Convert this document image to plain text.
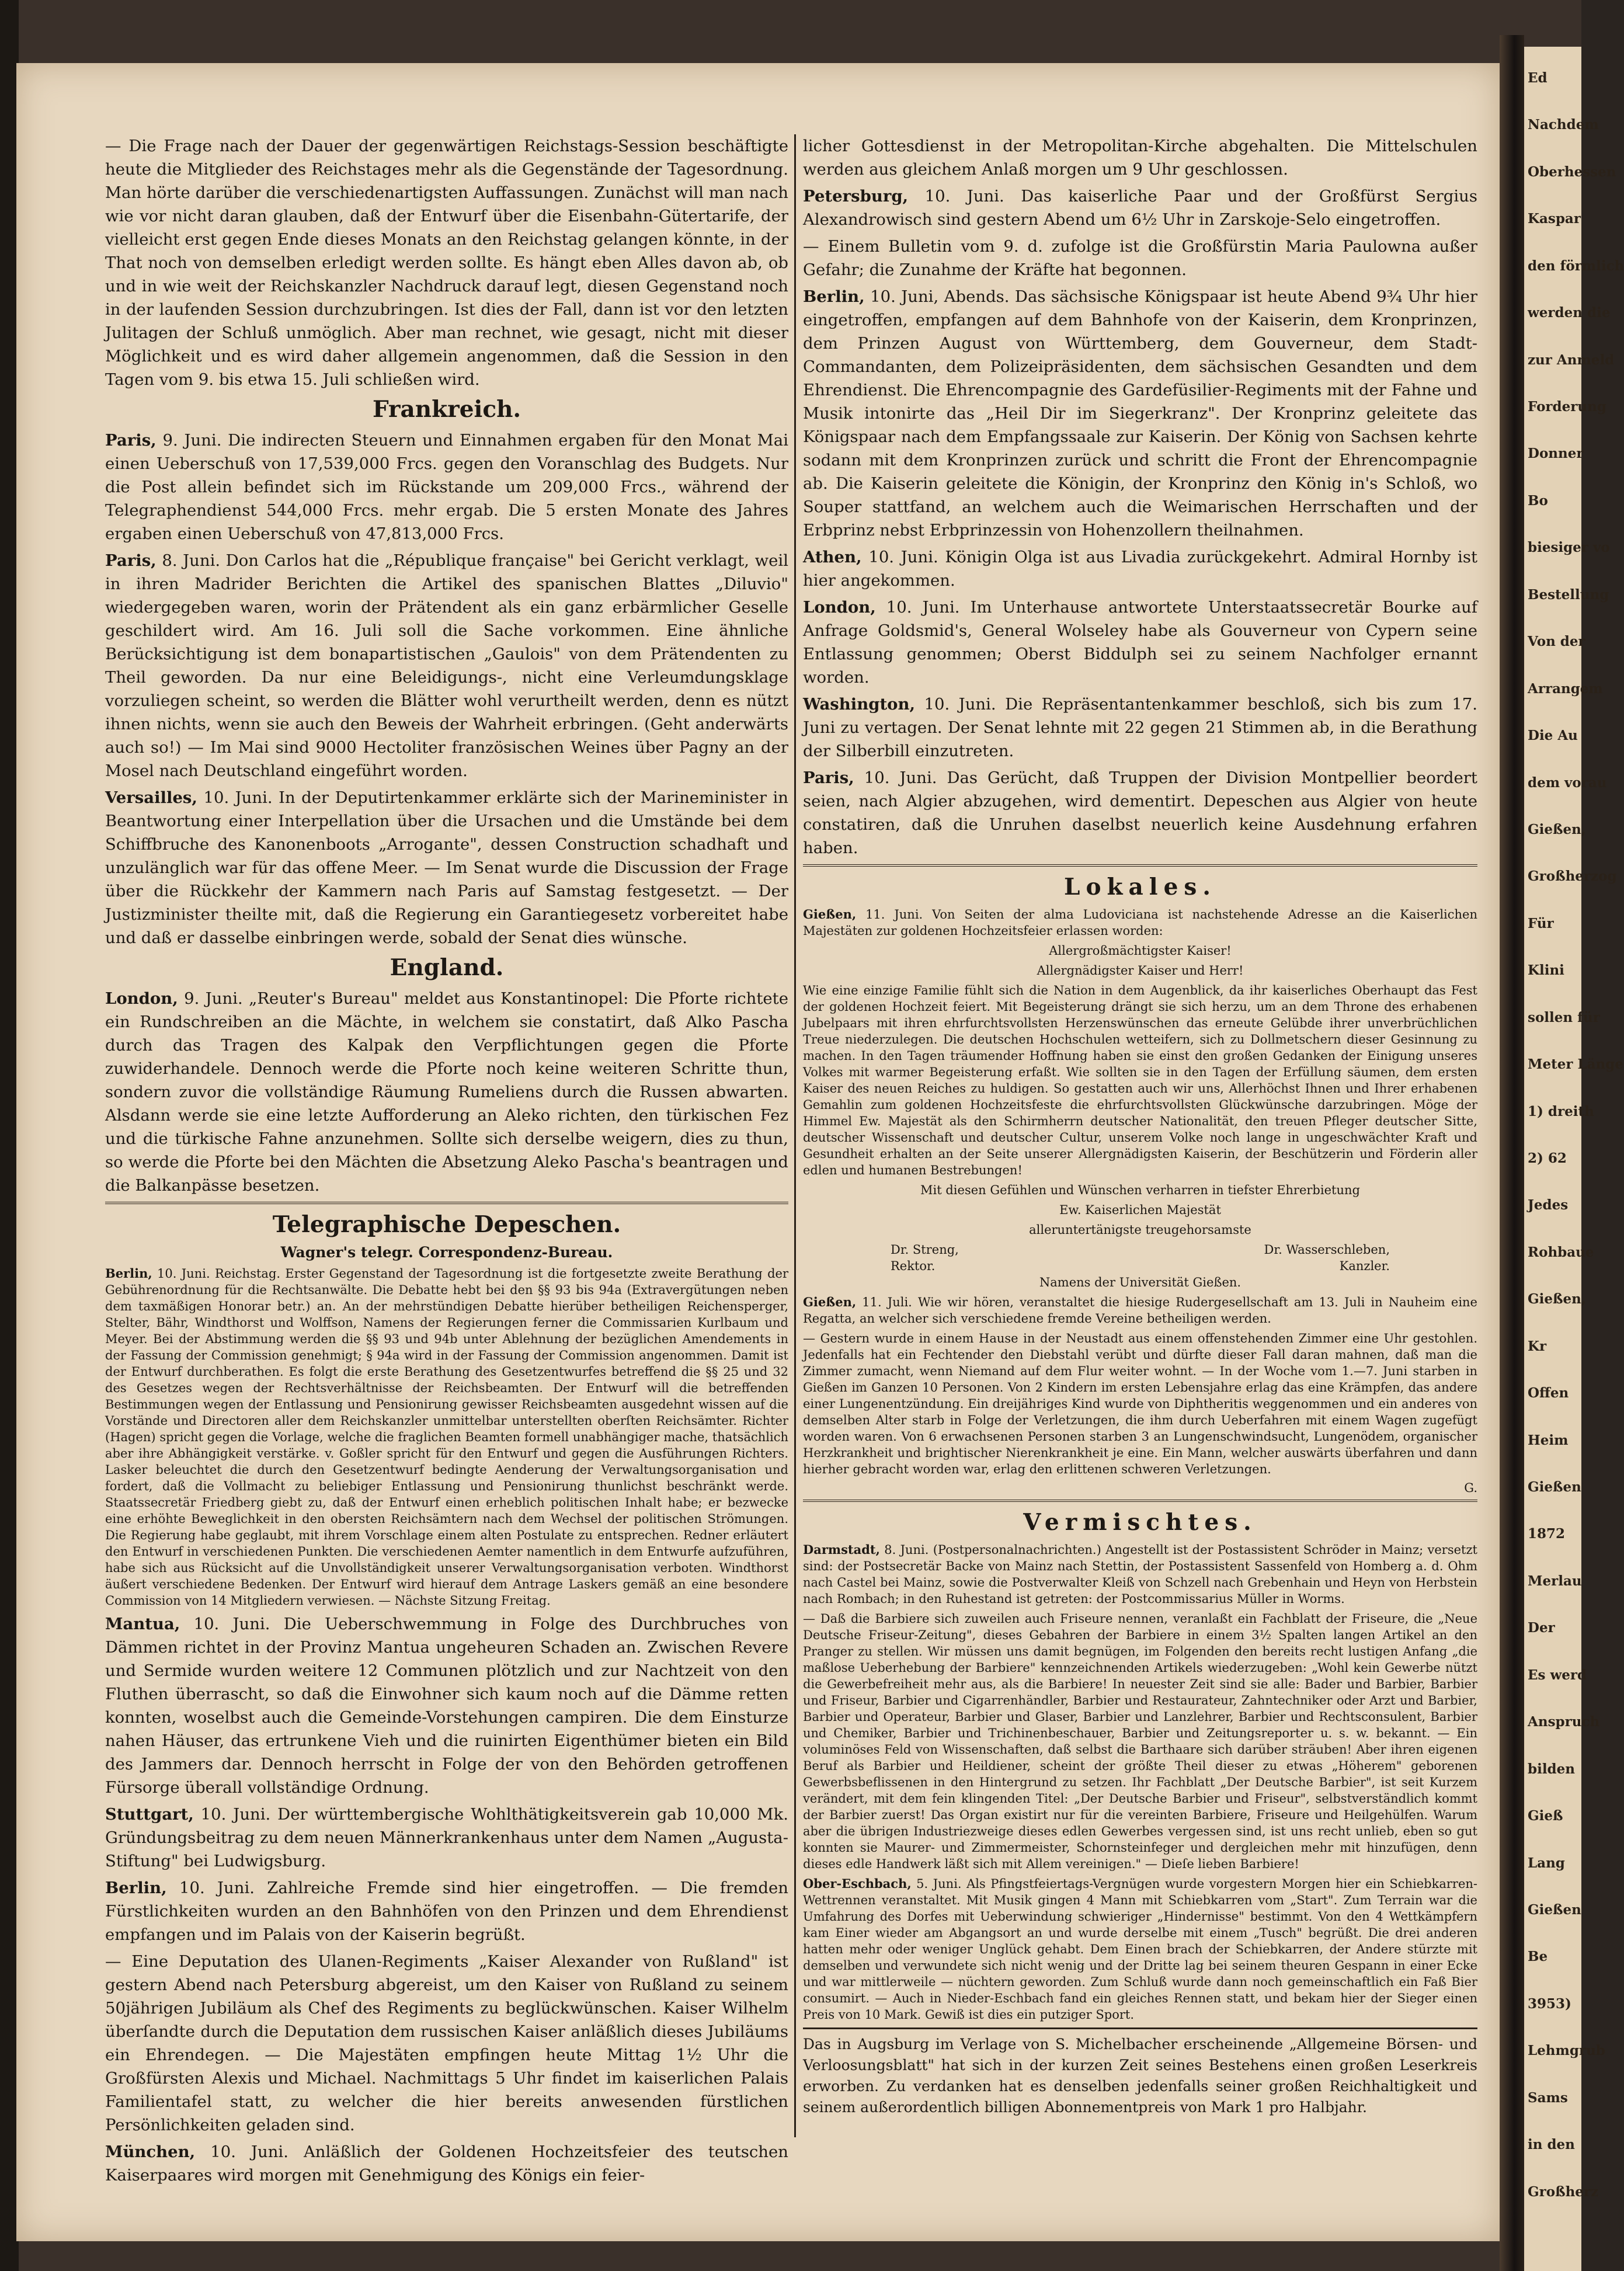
Ed
Nachdem
Oberhessen
Kaspar
den förmlich
werden die
zur Anmeld
Forderung
Donner
Bo
biesiger vo
Bestellung
Von der
Arrangem
Die Au
dem vorau
Gießen,
Großherzog
Für
Klini
sollen für
Meter Länge
1) dreith
2) 62
Jedes
Rohbaue
Gießen,
Kr
Offen
Heim
Gießen
1872
Merlau
Der
Es werd
Anspruch
bilden
Gieß
Lang
Gießen
Be
3953)
Lehmgrub
Sams
in den
Großherz

— Die Frage nach der Dauer der gegenwärtigen Reichstags-Session beschäftigte heute die Mitglieder des Reichstages mehr als die Gegenstände der Tagesordnung. Man hörte darüber die verschiedenartigsten Auffassungen. Zunächst will man nach wie vor nicht daran glauben, daß der Entwurf über die Eisenbahn-Gütertarife, der vielleicht erst gegen Ende dieses Monats an den Reichstag gelangen könnte, in der That noch von demselben erledigt werden sollte. Es hängt eben Alles davon ab, ob und in wie weit der Reichskanzler Nachdruck darauf legt, diesen Gegenstand noch in der laufenden Session durchzubringen. Ist dies der Fall, dann ist vor den letzten Julitagen der Schluß unmöglich. Aber man rechnet, wie gesagt, nicht mit dieser Möglichkeit und es wird daher allgemein angenommen, daß die Session in den Tagen vom 9. bis etwa 15. Juli schließen wird.

Frankreich.

Paris, 9. Juni. Die indirecten Steuern und Einnahmen ergaben für den Monat Mai einen Ueberschuß von 17,539,000 Frcs. gegen den Voranschlag des Budgets. Nur die Post allein befindet sich im Rückstande um 209,000 Frcs., während der Telegraphendienst 544,000 Frcs. mehr ergab. Die 5 ersten Monate des Jahres ergaben einen Ueberschuß von 47,813,000 Frcs.

Paris, 8. Juni. Don Carlos hat die „République française" bei Gericht verklagt, weil in ihren Madrider Berichten die Artikel des spanischen Blattes „Diluvio" wiedergegeben waren, worin der Prätendent als ein ganz erbärmlicher Geselle geschildert wird. Am 16. Juli soll die Sache vorkommen. Eine ähnliche Berücksichtigung ist dem bonapartistischen „Gaulois" von dem Prätendenten zu Theil geworden. Da nur eine Beleidigungs-, nicht eine Verleumdungsklage vorzuliegen scheint, so werden die Blätter wohl verurtheilt werden, denn es nützt ihnen nichts, wenn sie auch den Beweis der Wahrheit erbringen. (Geht anderwärts auch so!) — Im Mai sind 9000 Hectoliter französischen Weines über Pagny an der Mosel nach Deutschland eingeführt worden.

Versailles, 10. Juni. In der Deputirtenkammer erklärte sich der Marineminister in Beantwortung einer Interpellation über die Ursachen und die Umstände bei dem Schiffbruche des Kanonenboots „Arrogante", dessen Construction schadhaft und unzulänglich war für das offene Meer. — Im Senat wurde die Discussion der Frage über die Rückkehr der Kammern nach Paris auf Samstag festgesetzt. — Der Justizminister theilte mit, daß die Regierung ein Garantiegesetz vorbereitet habe und daß er dasselbe einbringen werde, sobald der Senat dies wünsche.

England.

London, 9. Juni. „Reuter's Bureau" meldet aus Konstantinopel: Die Pforte richtete ein Rundschreiben an die Mächte, in welchem sie constatirt, daß Alko Pascha durch das Tragen des Kalpak den Verpflichtungen gegen die Pforte zuwiderhandele. Dennoch werde die Pforte noch keine weiteren Schritte thun, sondern zuvor die vollständige Räumung Rumeliens durch die Russen abwarten. Alsdann werde sie eine letzte Aufforderung an Aleko richten, den türkischen Fez und die türkische Fahne anzunehmen. Sollte sich derselbe weigern, dies zu thun, so werde die Pforte bei den Mächten die Absetzung Aleko Pascha's beantragen und die Balkanpässe besetzen.

Telegraphische Depeschen.
Wagner's telegr. Correspondenz-Bureau.

Berlin, 10. Juni. Reichstag. Erster Gegenstand der Tagesordnung ist die fortgesetzte zweite Berathung der Gebührenordnung für die Rechtsanwälte. Die Debatte hebt bei den §§ 93 bis 94a (Extravergütungen neben dem taxmäßigen Honorar betr.) an. An der mehrstündigen Debatte hierüber betheiligen Reichensperger, Stelter, Bähr, Windthorst und Wolffson, Namens der Regierungen ferner die Commissarien Kurlbaum und Meyer. Bei der Abstimmung werden die §§ 93 und 94b unter Ablehnung der bezüglichen Amendements in der Fassung der Commission genehmigt; § 94a wird in der Fassung der Commission angenommen. Damit ist der Entwurf durchberathen. Es folgt die erste Berathung des Gesetzentwurfes betreffend die §§ 25 und 32 des Gesetzes wegen der Rechtsverhältnisse der Reichsbeamten. Der Entwurf will die betreffenden Bestimmungen wegen der Entlassung und Pensionirung gewisser Reichsbeamten ausgedehnt wissen auf die Vorstände und Directoren aller dem Reichskanzler unmittelbar unterstellten oberſten Reichsämter. Richter (Hagen) spricht gegen die Vorlage, welche die fraglichen Beamten formell unabhängiger mache, thatsächlich aber ihre Abhängigkeit verstärke. v. Goßler spricht für den Entwurf und gegen die Ausführungen Richters. Lasker beleuchtet die durch den Gesetzentwurf bedingte Aenderung der Verwaltungsorganisation und fordert, daß die Vollmacht zu beliebiger Entlassung und Pensionirung thunlichst beschränkt werde. Staatssecretär Friedberg giebt zu, daß der Entwurf einen erheblich politischen Inhalt habe; er bezwecke eine erhöhte Beweglichkeit in den obersten Reichsämtern nach dem Wechsel der politischen Strömungen. Die Regierung habe geglaubt, mit ihrem Vorschlage einem alten Postulate zu entsprechen. Redner erläutert den Entwurf in verschiedenen Punkten. Die verschiedenen Aemter namentlich in dem Entwurfe aufzuführen, habe sich aus Rücksicht auf die Unvollständigkeit unserer Verwaltungsorganisation verboten. Windthorst äußert verschiedene Bedenken. Der Entwurf wird hierauf dem Antrage Laskers gemäß an eine besondere Commission von 14 Mitgliedern verwiesen. — Nächste Sitzung Freitag.

Mantua, 10. Juni. Die Ueberschwemmung in Folge des Durchbruches von Dämmen richtet in der Provinz Mantua ungeheuren Schaden an. Zwischen Revere und Sermide wurden weitere 12 Communen plötzlich und zur Nachtzeit von den Fluthen überrascht, so daß die Einwohner sich kaum noch auf die Dämme retten konnten, woselbst auch die Gemeinde-Vorstehungen campiren. Die dem Einsturze nahen Häuser, das ertrunkene Vieh und die ruinirten Eigenthümer bieten ein Bild des Jammers dar. Dennoch herrscht in Folge der von den Behörden getroffenen Fürsorge überall vollständige Ordnung.

Stuttgart, 10. Juni. Der württembergische Wohlthätigkeitsverein gab 10,000 Mk. Gründungsbeitrag zu dem neuen Männerkrankenhaus unter dem Namen „Augusta-Stiftung" bei Ludwigsburg.

Berlin, 10. Juni. Zahlreiche Fremde sind hier eingetroffen. — Die fremden Fürstlichkeiten wurden an den Bahnhöfen von den Prinzen und dem Ehrendienst empfangen und im Palais von der Kaiserin begrüßt.

— Eine Deputation des Ulanen-Regiments „Kaiser Alexander von Rußland" ist gestern Abend nach Petersburg abgereist, um den Kaiser von Rußland zu seinem 50jährigen Jubiläum als Chef des Regiments zu beglückwünschen. Kaiser Wilhelm überſandte durch die Deputation dem russischen Kaiser anläßlich dieses Jubiläums ein Ehrendegen. — Die Majestäten empfingen heute Mittag 1½ Uhr die Großfürsten Alexis und Michael. Nachmittags 5 Uhr findet im kaiserlichen Palais Familientafel statt, zu welcher die hier bereits anwesenden fürstlichen Persönlichkeiten geladen sind.

München, 10. Juni. Anläßlich der Goldenen Hochzeitsfeier des teutschen Kaiserpaares wird morgen mit Genehmigung des Königs ein feier-

licher Gottesdienst in der Metropolitan-Kirche abgehalten. Die Mittelschulen werden aus gleichem Anlaß morgen um 9 Uhr geschlossen.

Petersburg, 10. Juni. Das kaiserliche Paar und der Großfürst Sergius Alexandrowisch sind gestern Abend um 6½ Uhr in Zarskoje-Selo eingetroffen.

— Einem Bulletin vom 9. d. zufolge ist die Großfürstin Maria Paulowna außer Gefahr; die Zunahme der Kräfte hat begonnen.

Berlin, 10. Juni, Abends. Das sächsische Königspaar ist heute Abend 9¾ Uhr hier eingetroffen, empfangen auf dem Bahnhofe von der Kaiserin, dem Kronprinzen, dem Prinzen August von Württemberg, dem Gouverneur, dem Stadt-Commandanten, dem Polizeipräsidenten, dem sächsischen Gesandten und dem Ehrendienst. Die Ehrencompagnie des Gardefüsilier-Regiments mit der Fahne und Musik intonirte das „Heil Dir im Siegerkranz". Der Kronprinz geleitete das Königspaar nach dem Empfangssaale zur Kaiserin. Der König von Sachsen kehrte sodann mit dem Kronprinzen zurück und schritt die Front der Ehrencompagnie ab. Die Kaiserin geleitete die Königin, der Kronprinz den König in's Schloß, wo Souper stattfand, an welchem auch die Weimarischen Herrschaften und der Erbprinz nebst Erbprinzessin von Hohenzollern theilnahmen.

Athen, 10. Juni. Königin Olga ist aus Livadia zurückgekehrt. Admiral Hornby ist hier angekommen.

London, 10. Juni. Im Unterhause antwortete Unterstaatssecretär Bourke auf Anfrage Goldsmid's, General Wolseley habe als Gouverneur von Cypern seine Entlassung genommen; Oberst Biddulph sei zu seinem Nachfolger ernannt worden.

Washington, 10. Juni. Die Repräsentantenkammer beschloß, sich bis zum 17. Juni zu vertagen. Der Senat lehnte mit 22 gegen 21 Stimmen ab, in die Berathung der Silberbill einzutreten.

Paris, 10. Juni. Das Gerücht, daß Truppen der Division Montpellier beordert seien, nach Algier abzugehen, wird dementirt. Depeschen aus Algier von heute constatiren, daß die Unruhen daselbst neuerlich keine Ausdehnung erfahren haben.

Lokales.

Gießen, 11. Juni. Von Seiten der alma Ludoviciana ist nachstehende Adresse an die Kaiserlichen Majestäten zur goldenen Hochzeitsfeier erlassen worden:

Allergroßmächtigster Kaiser!
Allergnädigster Kaiser und Herr!

Wie eine einzige Familie fühlt sich die Nation in dem Augenblick, da ihr kaiserliches Oberhaupt das Fest der goldenen Hochzeit feiert. Mit Begeisterung drängt sie sich herzu, um an dem Throne des erhabenen Jubelpaars mit ihren ehrfurchtsvollsten Herzenswünschen das erneute Gelübde ihrer unverbrüchlichen Treue niederzulegen. Die deutschen Hochschulen wetteifern, sich zu Dollmetschern dieser Gesinnung zu machen. In den Tagen träumender Hoffnung haben sie einst den großen Gedanken der Einigung unseres Volkes mit warmer Begeisterung erfaßt. Wie sollten sie in den Tagen der Erfüllung säumen, dem ersten Kaiser des neuen Reiches zu huldigen. So gestatten auch wir uns, Allerhöchst Ihnen und Ihrer erhabenen Gemahlin zum goldenen Hochzeitsfeste die ehrfurchtsvollsten Glückwünsche darzubringen. Möge der Himmel Ew. Majestät als den Schirmherrn deutscher Nationalität, den treuen Pfleger deutscher Sitte, deutscher Wissenschaft und deutscher Cultur, unserem Volke noch lange in ungeschwächter Kraft und Gesundheit erhalten an der Seite unserer Allergnädigsten Kaiserin, der Beschützerin und Förderin aller edlen und humanen Bestrebungen!

Mit diesen Gefühlen und Wünschen verharren in tiefster Ehrerbietung
Ew. Kaiserlichen Majestät
alleruntertänigste treugehorsamste
Dr. Streng,	Dr. Wasserschleben,
Rektor.	Kanzler.
Namens der Universität Gießen.

Gießen, 11. Juli. Wie wir hören, veranstaltet die hiesige Rudergesellschaft am 13. Juli in Nauheim eine Regatta, an welcher sich verschiedene fremde Vereine betheiligen werden.

— Gestern wurde in einem Hause in der Neustadt aus einem offenstehenden Zimmer eine Uhr gestohlen. Jedenfalls hat ein Fechtender den Diebstahl verübt und dürfte dieser Fall daran mahnen, daß man die Zimmer zumacht, wenn Niemand auf dem Flur weiter wohnt. — In der Woche vom 1.—7. Juni starben in Gießen im Ganzen 10 Personen. Von 2 Kindern im ersten Lebensjahre erlag das eine Krämpfen, das andere einer Lungenentzündung. Ein dreijähriges Kind wurde von Diphtheritis weggenommen und ein anderes von demselben Alter starb in Folge der Verletzungen, die ihm durch Ueberfahren mit einem Wagen zugefügt worden waren. Von 6 erwachsenen Personen starben 3 an Lungenschwindsucht, Lungenödem, organischer Herzkrankheit und brightischer Nierenkrankheit je eine. Ein Mann, welcher auswärts überfahren und dann hierher gebracht worden war, erlag den erlittenen schweren Verletzungen.

G.
Vermischtes.

Darmstadt, 8. Juni. (Postpersonalnachrichten.) Angestellt ist der Postassistent Schröder in Mainz; versetzt sind: der Postsecretär Backe von Mainz nach Stettin, der Postassistent Sassenfeld von Homberg a. d. Ohm nach Castel bei Mainz, sowie die Postverwalter Kleiß von Schzell nach Grebenhain und Heyn von Herbstein nach Rombach; in den Ruhestand ist getreten: der Postcommissarius Müller in Worms.

— Daß die Barbiere sich zuweilen auch Friseure nennen, veranlaßt ein Fachblatt der Friseure, die „Neue Deutsche Friseur-Zeitung", dieses Gebahren der Barbiere in einem 3½ Spalten langen Artikel an den Pranger zu stellen. Wir müssen uns damit begnügen, im Folgenden den bereits recht lustigen Anfang „die maßlose Ueberhebung der Barbiere" kennzeichnenden Artikels wiederzugeben: „Wohl kein Gewerbe nützt die Gewerbefreiheit mehr aus, als die Barbiere! In neuester Zeit sind sie alle: Bader und Barbier, Barbier und Friseur, Barbier und Cigarrenhändler, Barbier und Restaurateur, Zahntechniker oder Arzt und Barbier, Barbier und Operateur, Barbier und Glaser, Barbier und Lanzlehrer, Barbier und Rechtsconsulent, Barbier und Chemiker, Barbier und Trichinenbeschauer, Barbier und Zeitungsreporter u. s. w. bekannt. — Ein voluminöses Feld von Wissenschaften, daß selbst die Barthaare sich darüber sträuben! Aber ihren eigenen Beruf als Barbier und Heildiener, scheint der größte Theil dieser zu etwas „Höherem" geborenen Gewerbsbeflissenen in den Hintergrund zu setzen. Ihr Fachblatt „Der Deutsche Barbier", ist seit Kurzem verändert, mit dem fein klingenden Titel: „Der Deutsche Barbier und Friseur", selbstverständlich kommt der Barbier zuerst! Das Organ existirt nur für die vereinten Barbiere, Friseure und Heilgehülfen. Warum aber die übrigen Industriezweige dieses edlen Gewerbes vergessen sind, ist uns recht unlieb, eben so gut konnten sie Maurer- und Zimmermeister, Schornsteinfeger und dergleichen mehr mit hinzufügen, denn dieses edle Handwerk läßt sich mit Allem vereinigen." — Dieſe lieben Barbiere!

Ober-Eschbach, 5. Juni. Als Pfingstfeiertags-Vergnügen wurde vorgestern Morgen hier ein Schiebkarren-Wettrennen veranstaltet. Mit Musik gingen 4 Mann mit Schiebkarren vom „Start". Zum Terrain war die Umfahrung des Dorfes mit Ueberwindung schwieriger „Hindernisse" bestimmt. Von den 4 Wettkämpfern kam Einer wieder am Abgangsort an und wurde derselbe mit einem „Tusch" begrüßt. Die drei anderen hatten mehr oder weniger Unglück gehabt. Dem Einen brach der Schiebkarren, der Andere stürzte mit demselben und verwundete sich nicht wenig und der Dritte lag bei seinem theuren Gespann in einer Ecke und war mittlerweile — nüchtern geworden. Zum Schluß wurde dann noch gemeinschaftlich ein Faß Bier consumirt. — Auch in Nieder-Eschbach fand ein gleiches Rennen statt, und bekam hier der Sieger einen Preis von 10 Mark. Gewiß ist dies ein putziger Sport.

Das in Augsburg im Verlage von S. Michelbacher erscheinende „Allgemeine Börsen- und Verloosungsblatt" hat sich in der kurzen Zeit seines Bestehens einen großen Leserkreis erworben. Zu verdanken hat es denselben jedenfalls seiner großen Reichhaltigkeit und seinem außerordentlich billigen Abonnementpreis von Mark 1 pro Halbjahr.
